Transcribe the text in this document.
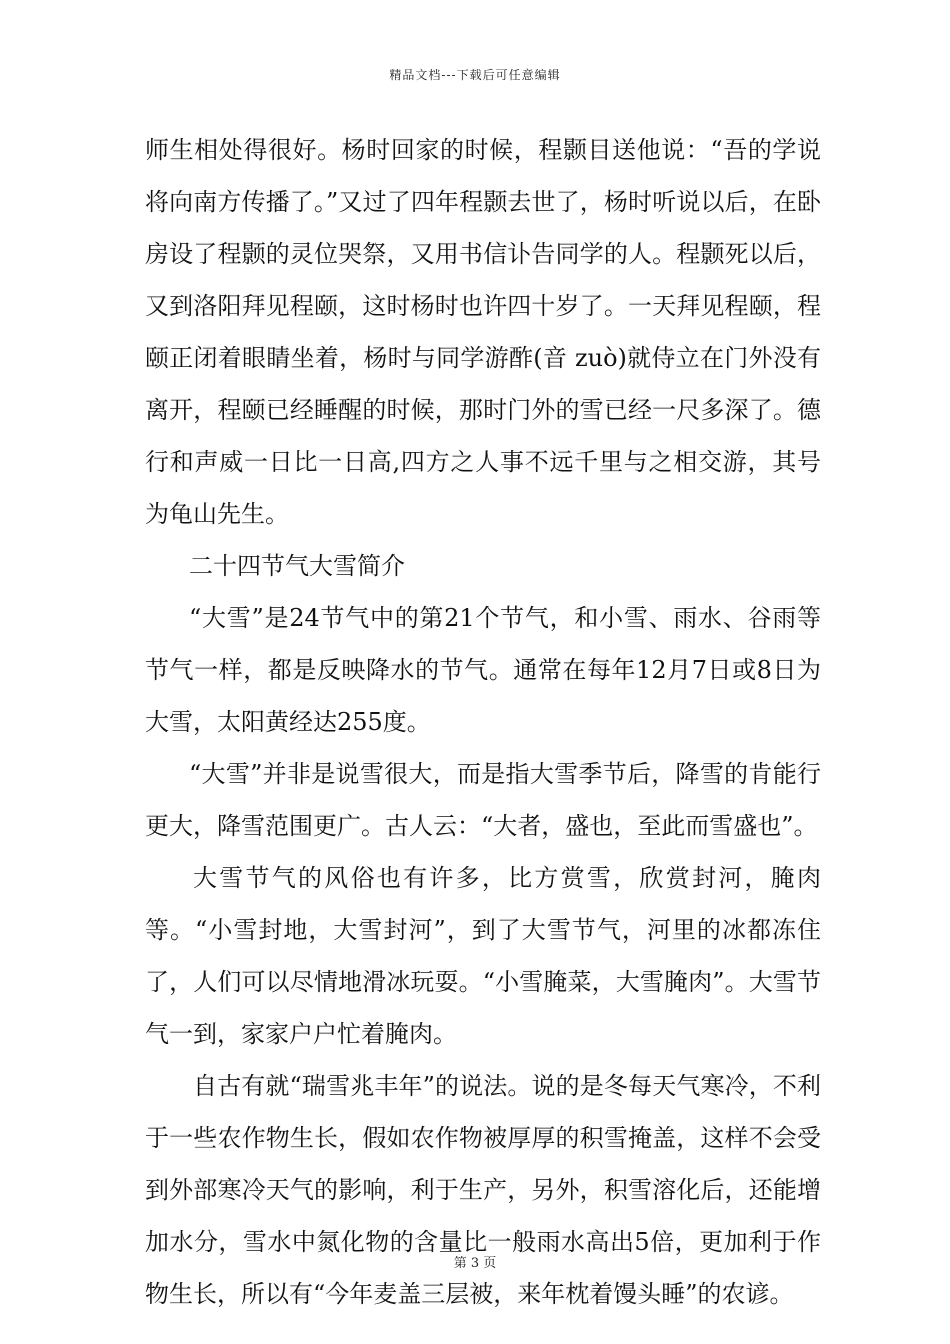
精品文档---下载后可任意编辑

师生相处得很好。杨时回家的时候，程颢目送他说：“吾的学说将向南方传播了。”又过了四年程颢去世了，杨时听说以后，在卧房设了程颢的灵位哭祭，又用书信讣告同学的人。程颢死以后，又到洛阳拜见程颐，这时杨时也许四十岁了。一天拜见程颐，程颐正闭着眼睛坐着，杨时与同学游酢(音 zuò)就侍立在门外没有离开，程颐已经睡醒的时候，那时门外的雪已经一尺多深了。德行和声威一日比一日高,四方之人事不远千里与之相交游，其号为龟山先生。

二十四节气大雪简介

“大雪”是24节气中的第21个节气，和小雪、雨水、谷雨等节气一样，都是反映降水的节气。通常在每年12月7日或8日为大雪，太阳黄经达255度。

“大雪”并非是说雪很大，而是指大雪季节后，降雪的肯能行更大，降雪范围更广。古人云：“大者，盛也，至此而雪盛也”。

大雪节气的风俗也有许多，比方赏雪，欣赏封河，腌肉等。“小雪封地，大雪封河”，到了大雪节气，河里的冰都冻住了，人们可以尽情地滑冰玩耍。“小雪腌菜，大雪腌肉”。大雪节气一到，家家户户忙着腌肉。

自古有就“瑞雪兆丰年”的说法。说的是冬每天气寒冷，不利于一些农作物生长，假如农作物被厚厚的积雪掩盖，这样不会受到外部寒冷天气的影响，利于生产，另外，积雪溶化后，还能增加水分，雪水中氮化物的含量比一般雨水高出5倍，更加利于作物生长，所以有“今年麦盖三层被，来年枕着馒头睡”的农谚。

第 3 页
